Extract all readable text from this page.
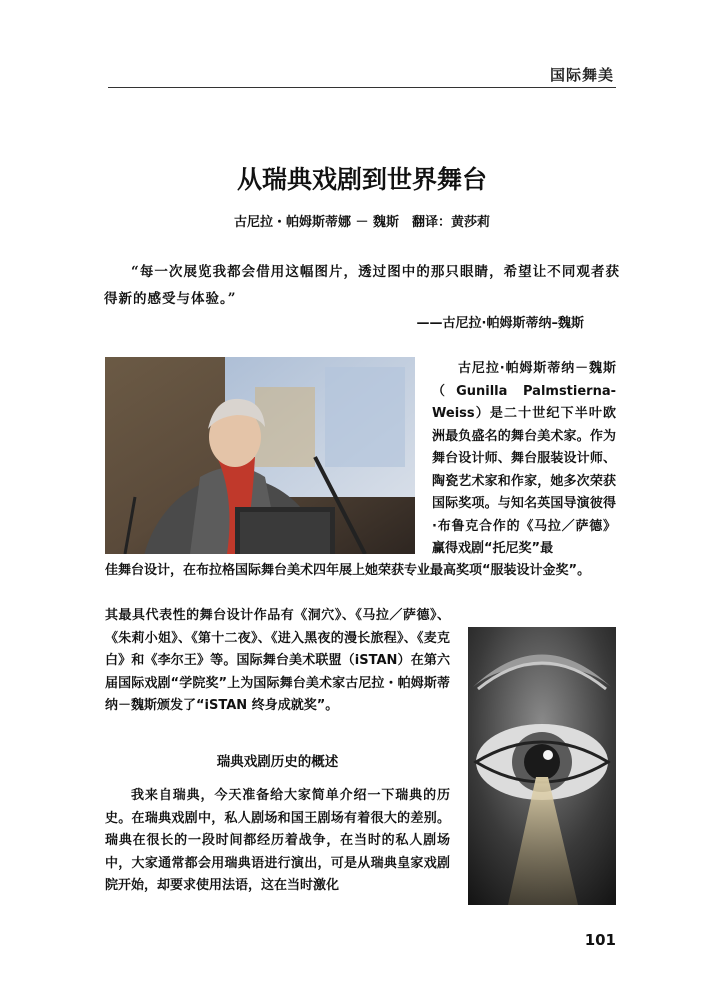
国际舞美
从瑞典戏剧到世界舞台
古尼拉・帕姆斯蒂娜 － 魏斯　翻译：黄莎莉
“每一次展览我都会借用这幅图片，透过图中的那只眼睛，希望让不同观者获得新的感受与体验。”
——古尼拉·帕姆斯蒂纳–魏斯

古尼拉·帕姆斯蒂纳－魏斯（Gunilla Palmstierna-Weiss）是二十世纪下半叶欧洲最负盛名的舞台美术家。作为舞台设计师、舞台服装设计师、陶瓷艺术家和作家，她多次荣获国际奖项。与知名英国导演彼得·布鲁克合作的《马拉／萨德》赢得戏剧“托尼奖”最

佳舞台设计，在布拉格国际舞台美术四年展上她荣获专业最高奖项“服装设计金奖”。

其最具代表性的舞台设计作品有《洞穴》、《马拉／萨德》、《朱莉小姐》、《第十二夜》、《进入黑夜的漫长旅程》、《麦克白》和《李尔王》等。国际舞台美术联盟（iSTAN）在第六届国际戏剧“学院奖”上为国际舞台美术家古尼拉・帕姆斯蒂纳－魏斯颁发了“iSTAN 终身成就奖”。

瑞典戏剧历史的概述

我来自瑞典，今天准备给大家简单介绍一下瑞典的历史。在瑞典戏剧中，私人剧场和国王剧场有着很大的差别。瑞典在很长的一段时间都经历着战争，在当时的私人剧场中，大家通常都会用瑞典语进行演出，可是从瑞典皇家戏剧院开始，却要求使用法语，这在当时激化

101
